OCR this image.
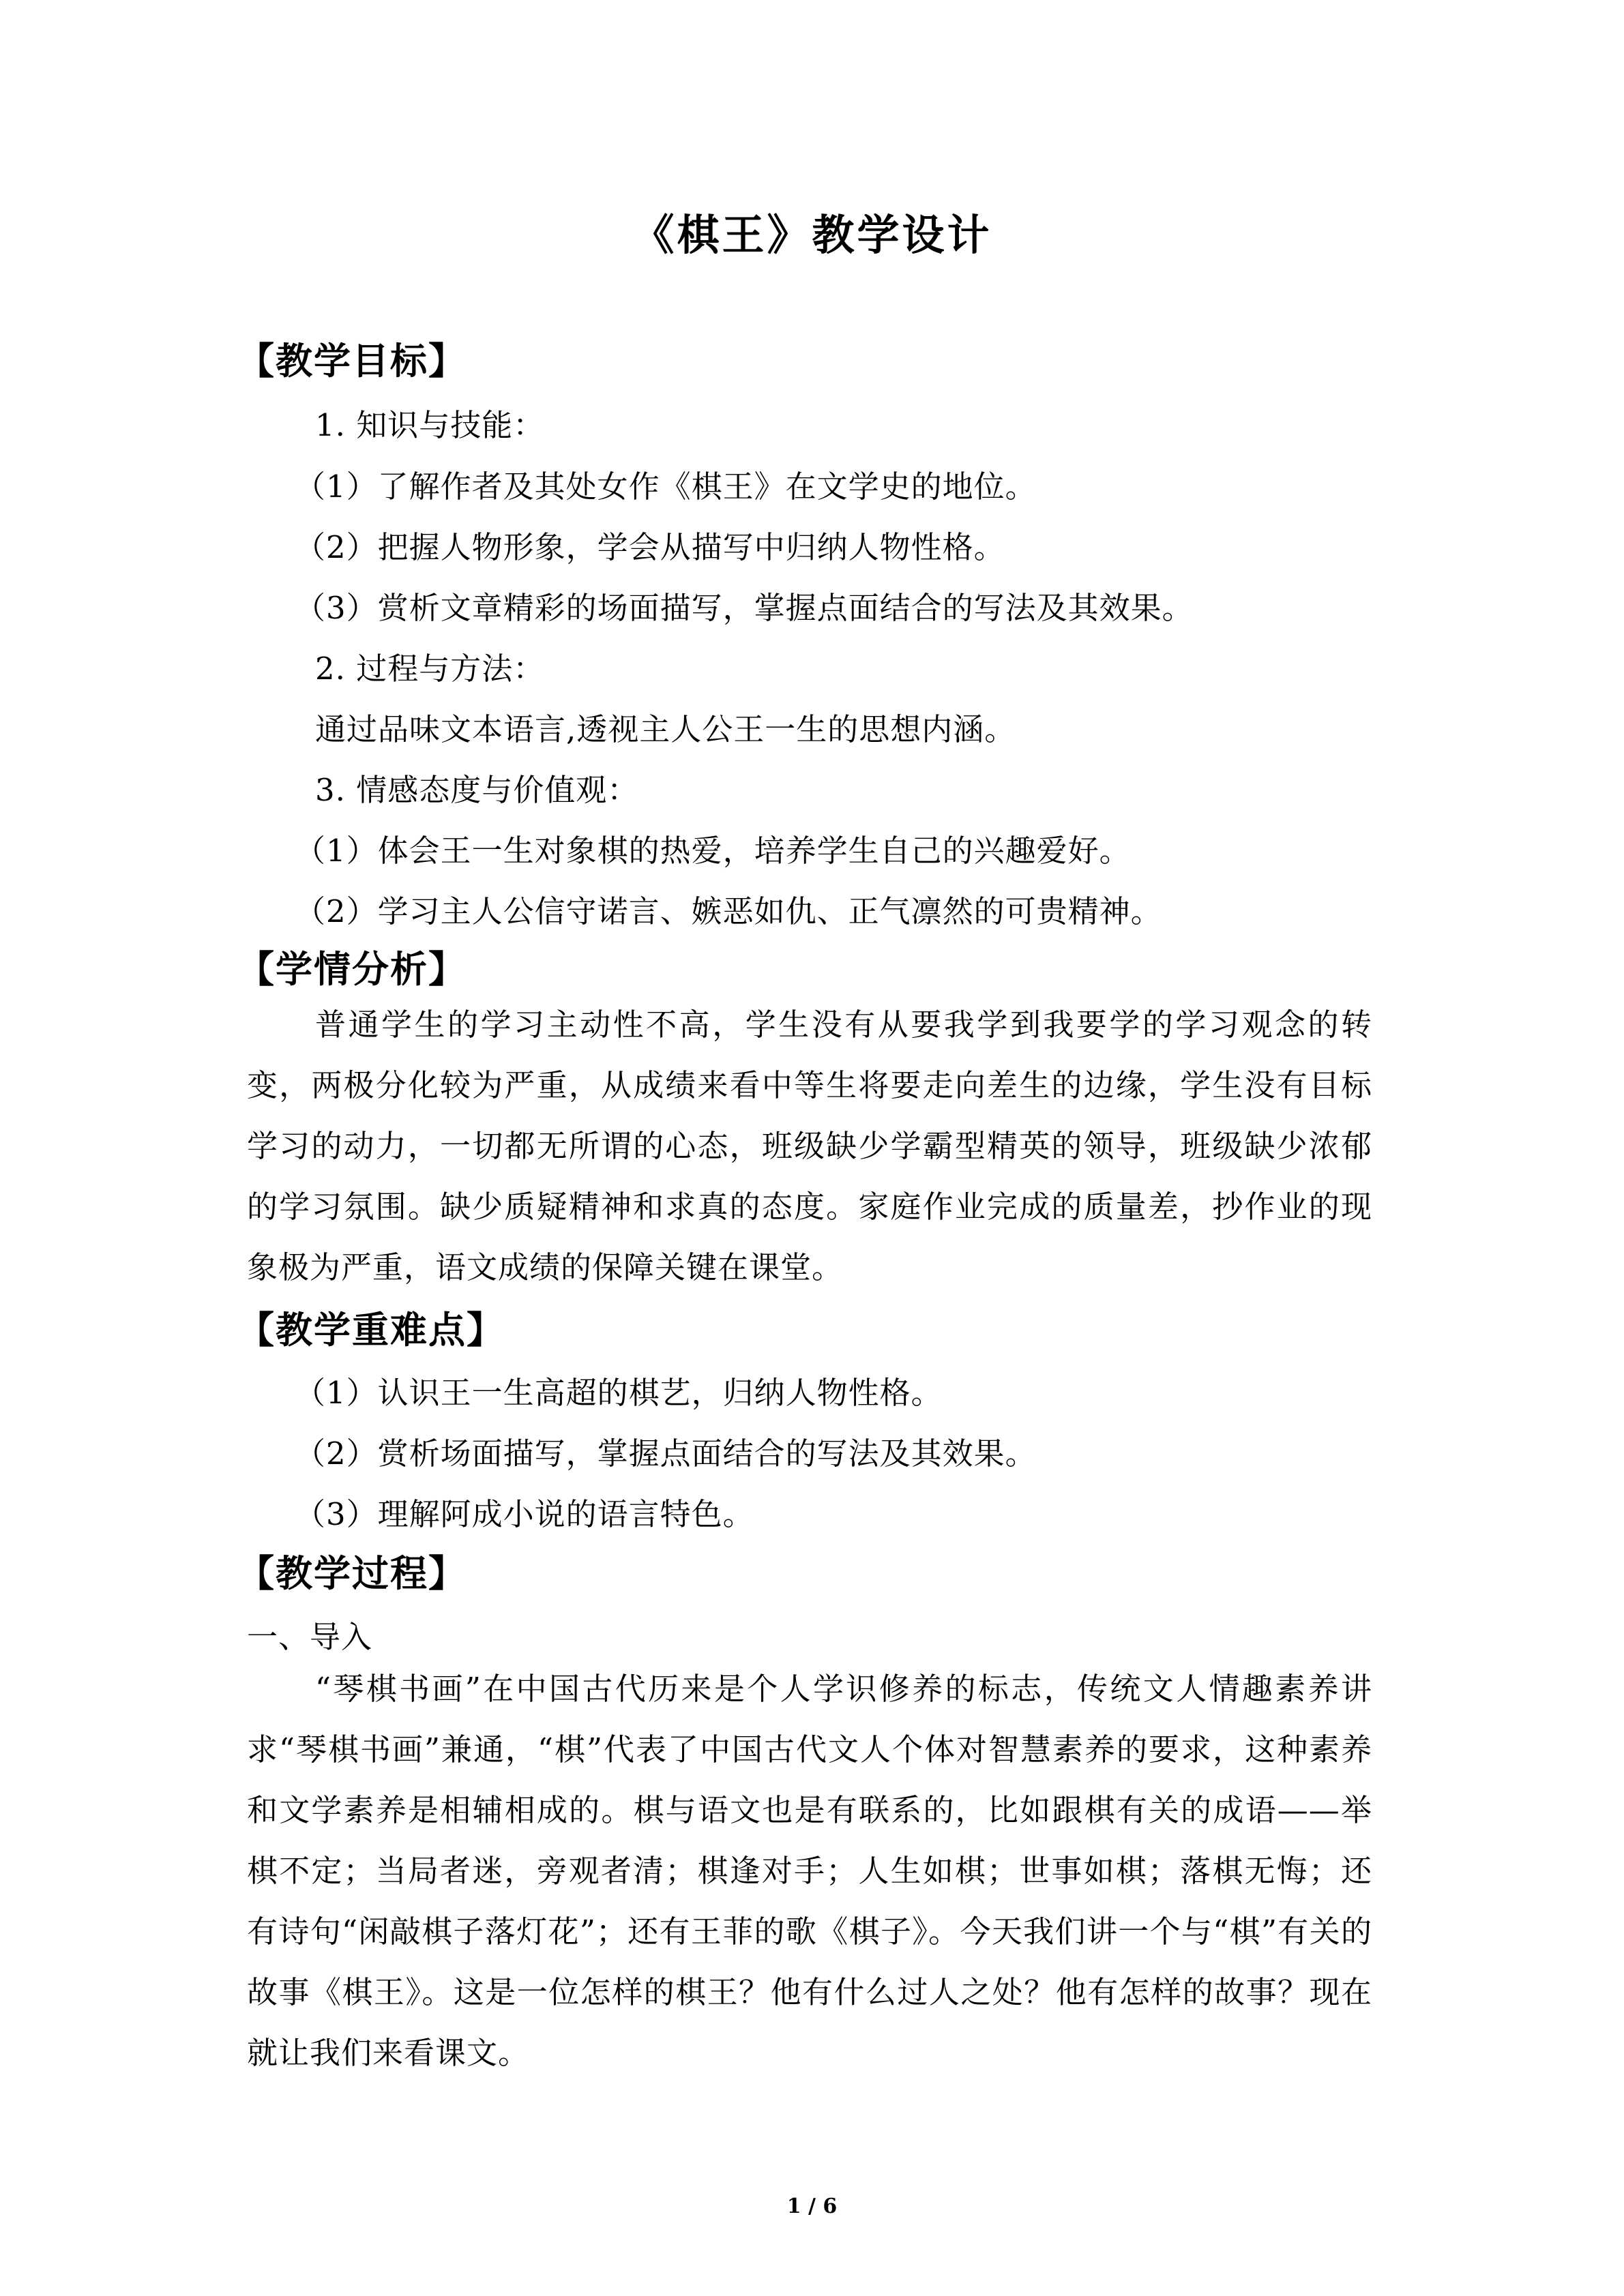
《棋王》教学设计
【教学目标】
1. 知识与技能：
（1）了解作者及其处女作《棋王》在文学史的地位。
（2）把握人物形象，学会从描写中归纳人物性格。
（3）赏析文章精彩的场面描写，掌握点面结合的写法及其效果。
2. 过程与方法：
通过品味文本语言,透视主人公王一生的思想内涵。
3. 情感态度与价值观：
（1）体会王一生对象棋的热爱，培养学生自己的兴趣爱好。
（2）学习主人公信守诺言、嫉恶如仇、正气凛然的可贵精神。
【学情分析】
普通学生的学习主动性不高，学生没有从要我学到我要学的学习观念的转变，两极分化较为严重，从成绩来看中等生将要走向差生的边缘，学生没有目标学习的动力，一切都无所谓的心态，班级缺少学霸型精英的领导，班级缺少浓郁的学习氛围。缺少质疑精神和求真的态度。家庭作业完成的质量差，抄作业的现象极为严重，语文成绩的保障关键在课堂。
【教学重难点】
（1）认识王一生高超的棋艺，归纳人物性格。
（2）赏析场面描写，掌握点面结合的写法及其效果。
（3）理解阿成小说的语言特色。
【教学过程】
一、导入
“琴棋书画”在中国古代历来是个人学识修养的标志，传统文人情趣素养讲求“琴棋书画”兼通，“棋”代表了中国古代文人个体对智慧素养的要求，这种素养和文学素养是相辅相成的。棋与语文也是有联系的，比如跟棋有关的成语——举棋不定；当局者迷，旁观者清；棋逢对手；人生如棋；世事如棋；落棋无悔；还有诗句“闲敲棋子落灯花”；还有王菲的歌《棋子》。今天我们讲一个与“棋”有关的故事《棋王》。这是一位怎样的棋王？他有什么过人之处？他有怎样的故事？现在就让我们来看课文。
1 / 6
